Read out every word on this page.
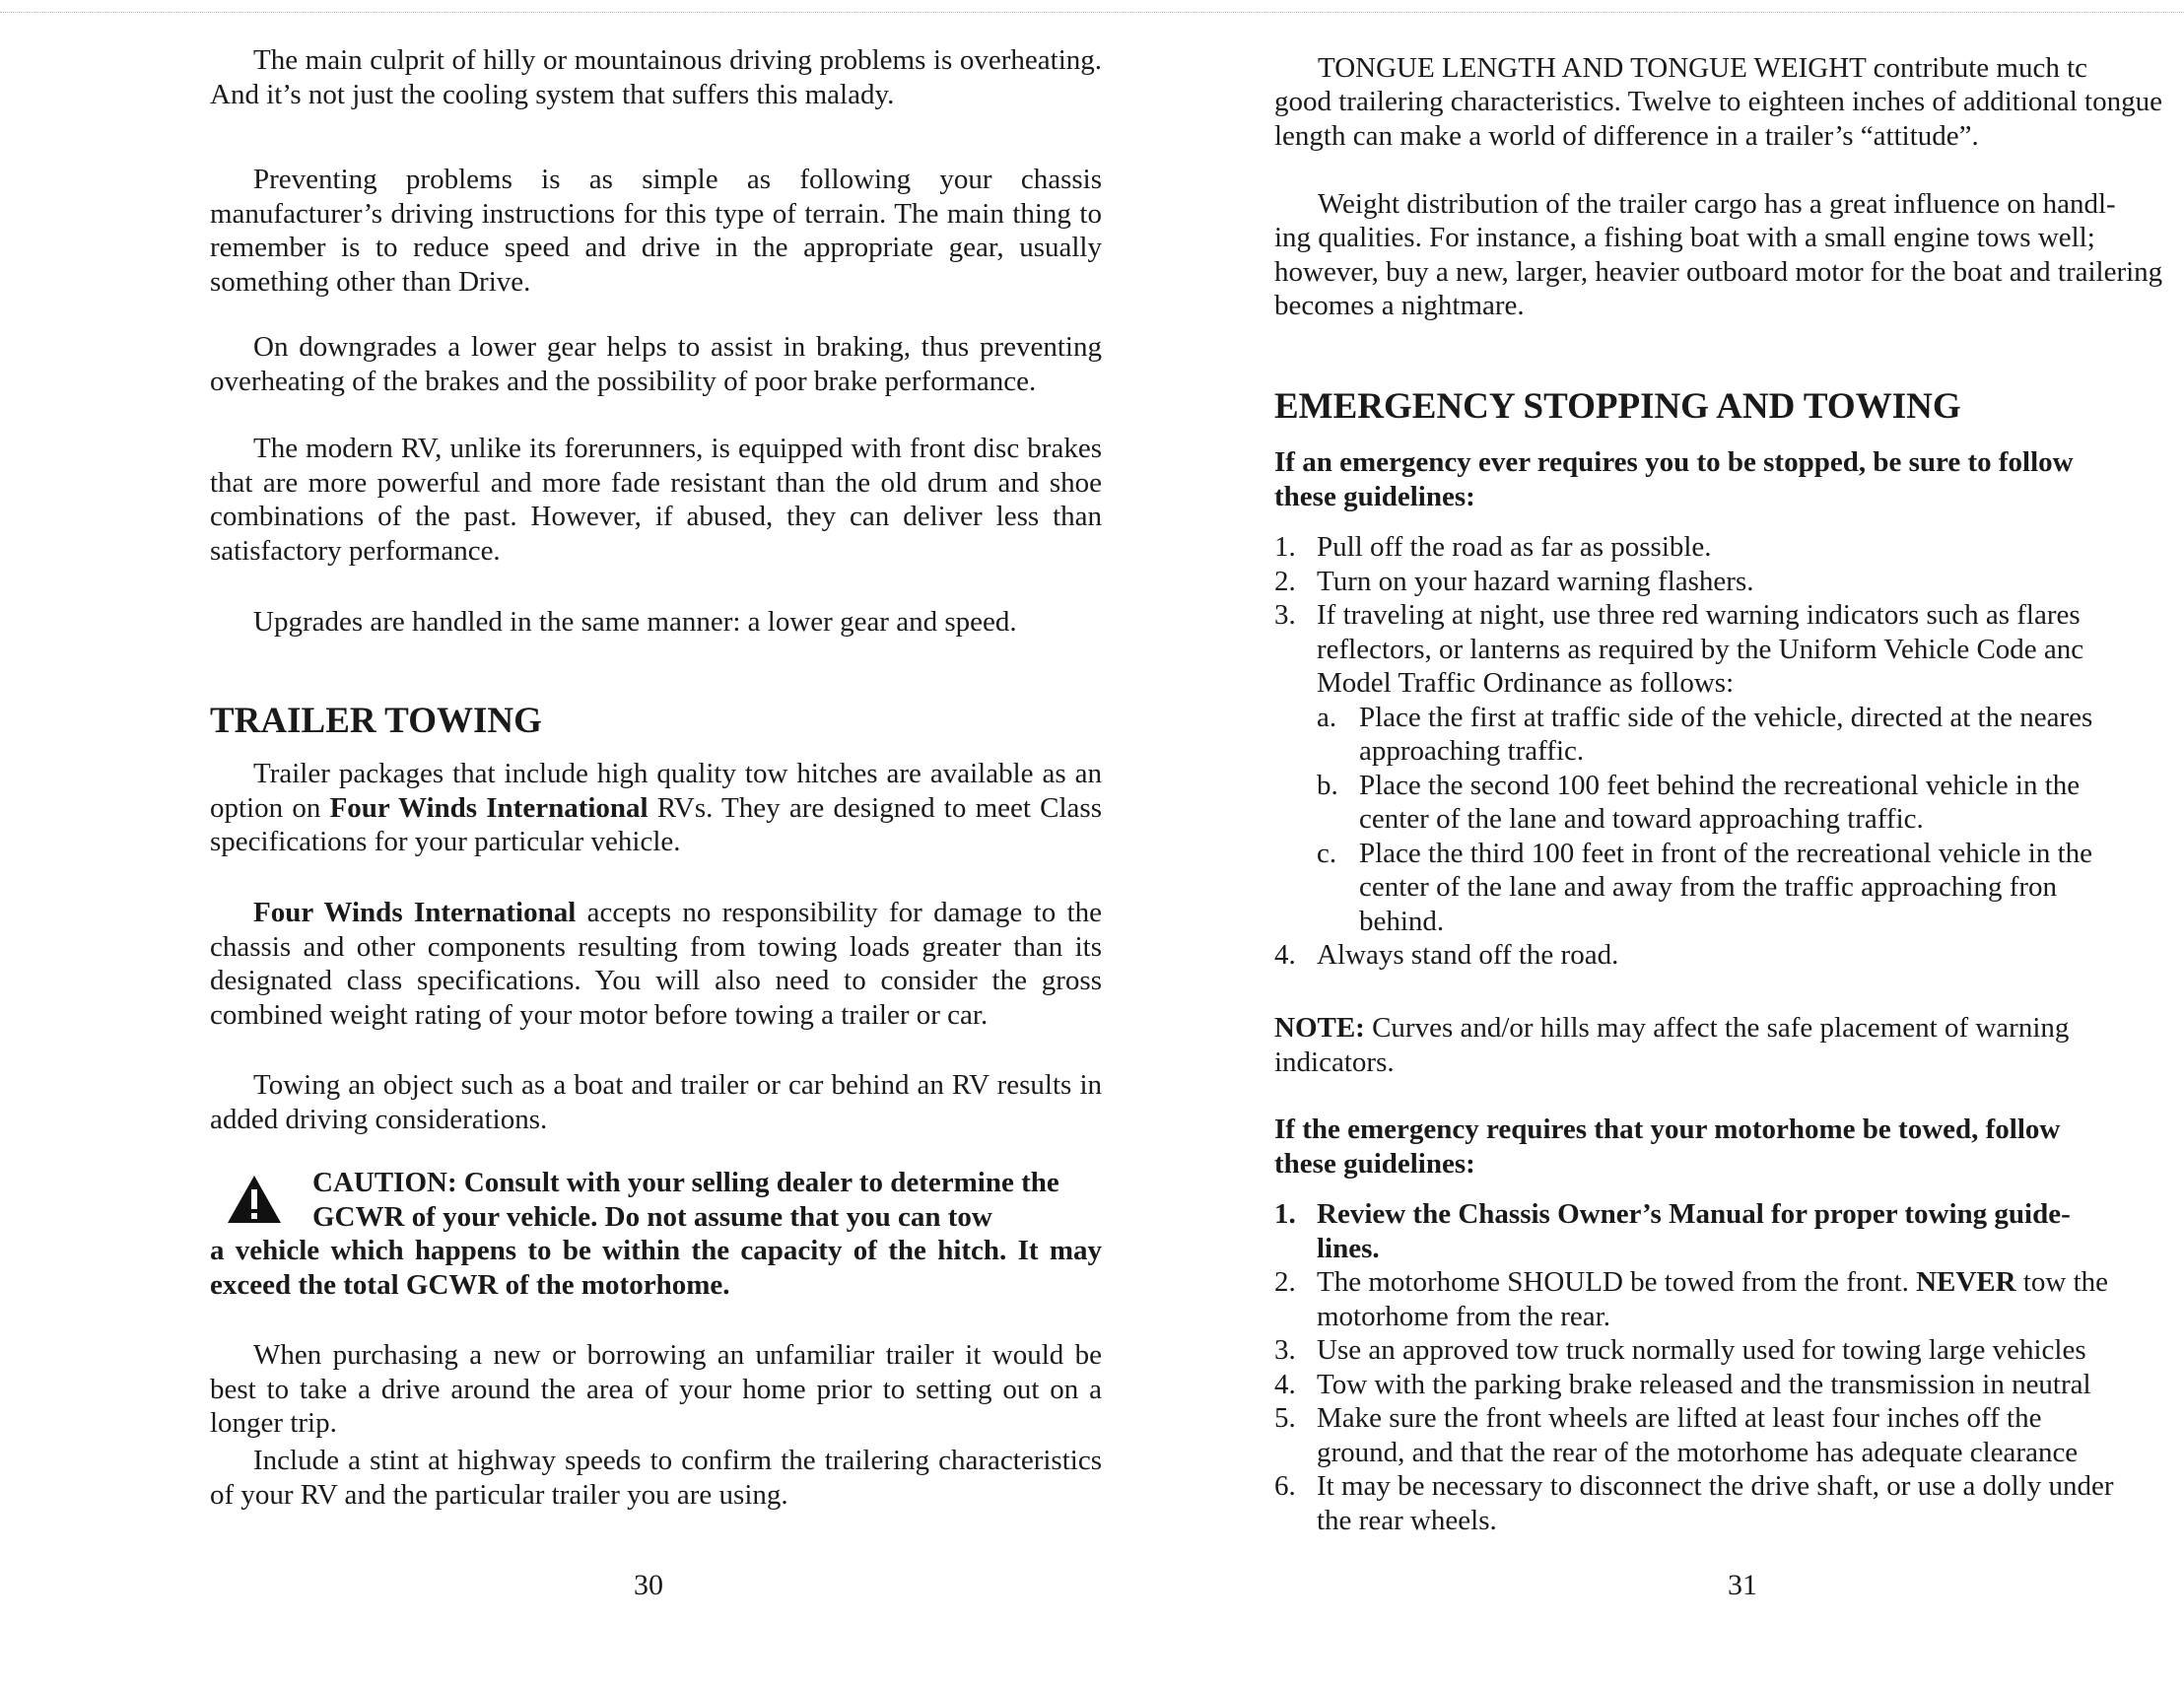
The main culprit of hilly or mountainous driving problems is overheating. And it’s not just the cooling system that suffers this malady.

Preventing problems is as simple as following your chassis manufacturer’s driving instructions for this type of terrain. The main thing to remember is to reduce speed and drive in the appropriate gear, usually something other than Drive.

On downgrades a lower gear helps to assist in braking, thus preventing overheating of the brakes and the possibility of poor brake performance.

The modern RV, unlike its forerunners, is equipped with front disc brakes that are more powerful and more fade resistant than the old drum and shoe combinations of the past. However, if abused, they can deliver less than satisfactory performance.

Upgrades are handled in the same manner: a lower gear and speed.

TRAILER TOWING

Trailer packages that include high quality tow hitches are available as an option on Four Winds International RVs. They are designed to meet Class specifications for your particular vehicle.

Four Winds International accepts no responsibility for damage to the chassis and other components resulting from towing loads greater than its designated class specifications. You will also need to consider the gross combined weight rating of your motor before towing a trailer or car.

Towing an object such as a boat and trailer or car behind an RV results in added driving considerations.

CAUTION: Consult with your selling dealer to determine the
GCWR of your vehicle. Do not assume that you can tow
a vehicle which happens to be within the capacity of the hitch. It may exceed the total GCWR of the motorhome.

When purchasing a new or borrowing an unfamiliar trailer it would be best to take a drive around the area of your home prior to setting out on a longer trip.

Include a stint at highway speeds to confirm the trailering characteristics of your RV and the particular trailer you are using.

30

TONGUE LENGTH AND TONGUE WEIGHT contribute much tc

good trailering characteristics. Twelve to eighteen inches of additional tongue

length can make a world of difference in a trailer’s “attitude”.

Weight distribution of the trailer cargo has a great influence on handl-

ing qualities. For instance, a fishing boat with a small engine tows well;

however, buy a new, larger, heavier outboard motor for the boat and trailering

becomes a nightmare.

EMERGENCY STOPPING AND TOWING

If an emergency ever requires you to be stopped, be sure to follow

these guidelines:

1. Pull off the road as far as possible.
2. Turn on your hazard warning flashers.
3. If traveling at night, use three red warning indicators such as flares
reflectors, or lanterns as required by the Uniform Vehicle Code anc
Model Traffic Ordinance as follows:
a. Place the first at traffic side of the vehicle, directed at the neares
approaching traffic.
b. Place the second 100 feet behind the recreational vehicle in the
center of the lane and toward approaching traffic.
c. Place the third 100 feet in front of the recreational vehicle in the
center of the lane and away from the traffic approaching fron
behind.
4. Always stand off the road.

NOTE: Curves and/or hills may affect the safe placement of warning

indicators.

If the emergency requires that your motorhome be towed, follow

these guidelines:

1. Review the Chassis Owner’s Manual for proper towing guide-
lines.
2. The motorhome SHOULD be towed from the front. NEVER tow the
motorhome from the rear.
3. Use an approved tow truck normally used for towing large vehicles
4. Tow with the parking brake released and the transmission in neutral
5. Make sure the front wheels are lifted at least four inches off the
ground, and that the rear of the motorhome has adequate clearance
6. It may be necessary to disconnect the drive shaft, or use a dolly under
the rear wheels.
31
